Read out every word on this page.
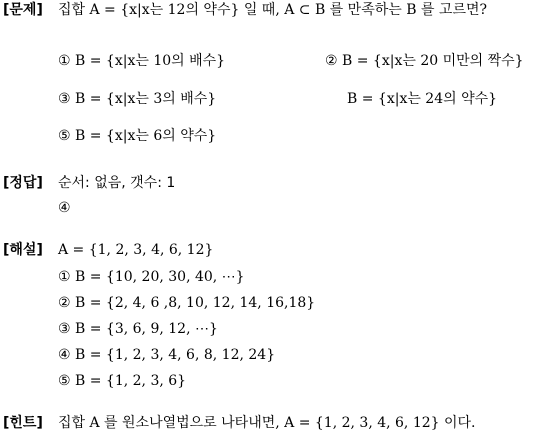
[문제] 집합 A = {x|x는 12의 약수} 일 때, A ⊂ B 를 만족하는 B 를 고르면?
① B = {x|x는 10의 배수}	② B = {x|x는 20 미만의 짝수}
③ B = {x|x는 3의 배수}	B = {x|x는 24의 약수}
⑤ B = {x|x는 6의 약수}
[정답] 순서: 없음, 갯수: 1
④
[해설] A = {1, 2, 3, 4, 6, 12}
① B = {10, 20, 30, 40, ⋯}
② B = {2, 4, 6 ,8, 10, 12, 14, 16,18}
③ B = {3, 6, 9, 12, ⋯}
④ B = {1, 2, 3, 4, 6, 8, 12, 24}
⑤ B = {1, 2, 3, 6}
[힌트] 집합 A 를 원소나열법으로 나타내면, A = {1, 2, 3, 4, 6, 12} 이다.
